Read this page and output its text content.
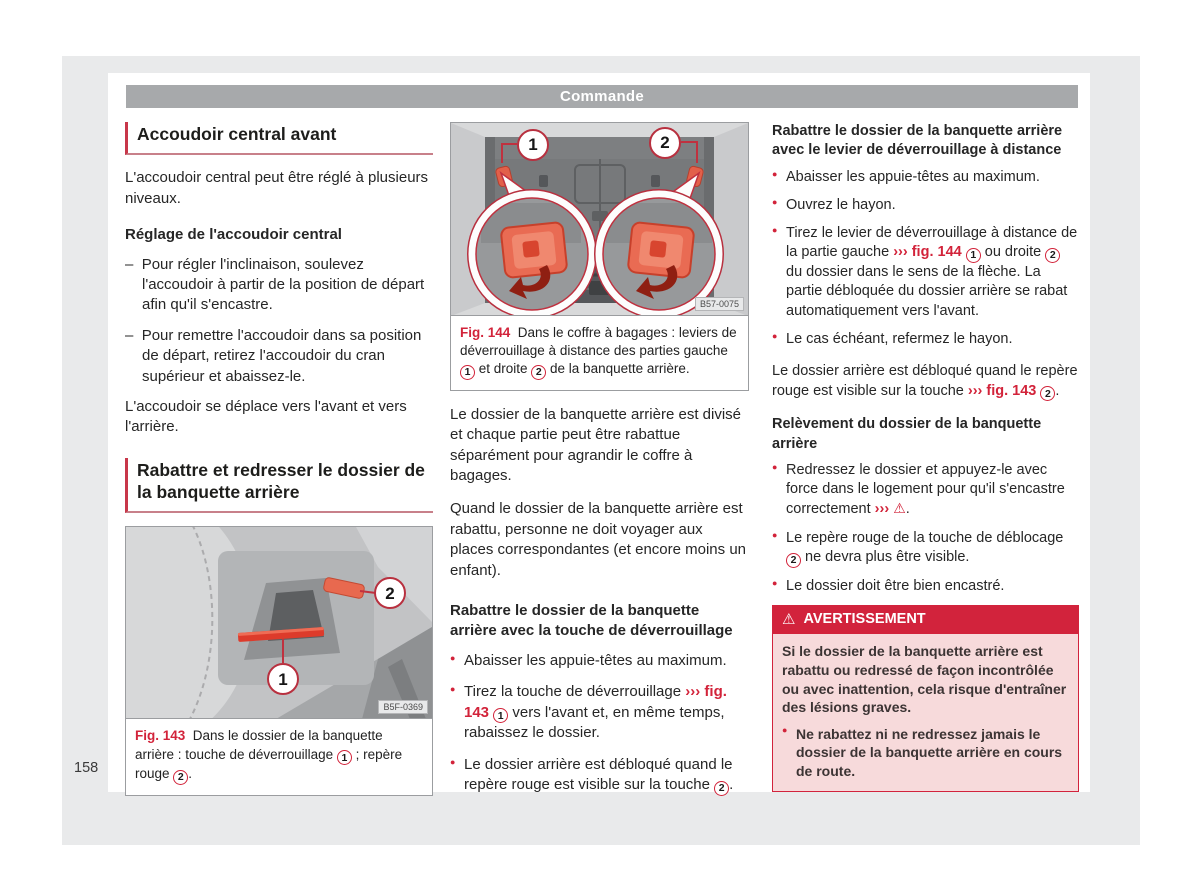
Commande
158
Accoudoir central avant

L'accoudoir central peut être réglé à plusieurs niveaux.

Réglage de l'accoudoir central
–  Pour régler l'inclinaison, soulevez l'accoudoir à partir de la position de départ afin qu'il s'encastre.
–  Pour remettre l'accoudoir dans sa position de départ, retirez l'accoudoir du cran supérieur et abaissez-le.

L'accoudoir se déplace vers l'avant et vers l'arrière.

Rabattre et redresser le dossier de la banquette arrière
1
2
B5F-0369
Fig. 143  Dans le dossier de la banquette arrière : touche de déverrouillage 1 ; repère rouge 2 .
1	2
B57-0075
Fig. 144  Dans le coffre à bagages : leviers de déverrouillage à distance des parties gauche 1 et droite 2 de la banquette arrière.

Le dossier de la banquette arrière est divisé et chaque partie peut être rabattue séparément pour agrandir le coffre à bagages.

Quand le dossier de la banquette arrière est rabattu, personne ne doit voyager aux places correspondantes (et encore moins un enfant).

Rabattre le dossier de la banquette arrière avec la touche de déverrouillage
● Abaisser les appuie-têtes au maximum.
● Tirez la touche de déverrouillage ››› fig. 143 1 vers l'avant et, en même temps, rabaissez le dossier.
● Le dossier arrière est débloqué quand le repère rouge est visible sur la touche 2 .
Rabattre le dossier de la banquette arrière avec le levier de déverrouillage à distance
● Abaisser les appuie-têtes au maximum.
● Ouvrez le hayon.
● Tirez le levier de déverrouillage à distance de la partie gauche ››› fig. 144 1 ou droite 2 du dossier dans le sens de la flèche. La partie débloquée du dossier arrière se rabat automatiquement vers l'avant.
● Le cas échéant, refermez le hayon.

Le dossier arrière est débloqué quand le repère rouge est visible sur la touche ››› fig. 143 2 .

Relèvement du dossier de la banquette arrière
● Redressez le dossier et appuyez-le avec force dans le logement pour qu'il s'encastre correctement ››› ⚠.
● Le repère rouge de la touche de déblocage 2 ne devra plus être visible.
● Le dossier doit être bien encastré.
⚠ AVERTISSEMENT

Si le dossier de la banquette arrière est rabattu ou redressé de façon incontrôlée ou avec inattention, cela risque d'entraîner des lésions graves.

● Ne rabattez ni ne redressez jamais le dossier de la banquette arrière en cours de route.
